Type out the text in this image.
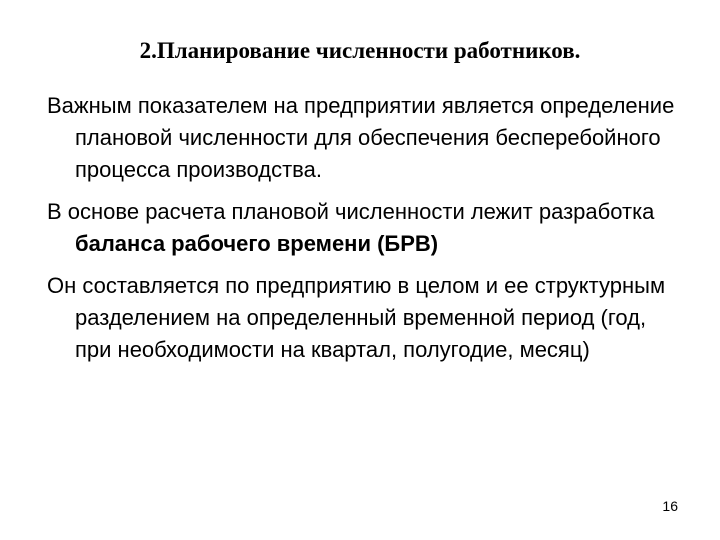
2.Планирование численности работников.

Важным показателем на предприятии является определение плановой численности для обеспечения бесперебойного процесса производства.

В основе расчета плановой численности лежит разработка баланса рабочего времени (БРВ)

Он составляется по предприятию в целом и ее структурным разделением на определенный временной период (год, при необходимости на квартал, полугодие, месяц)

16
